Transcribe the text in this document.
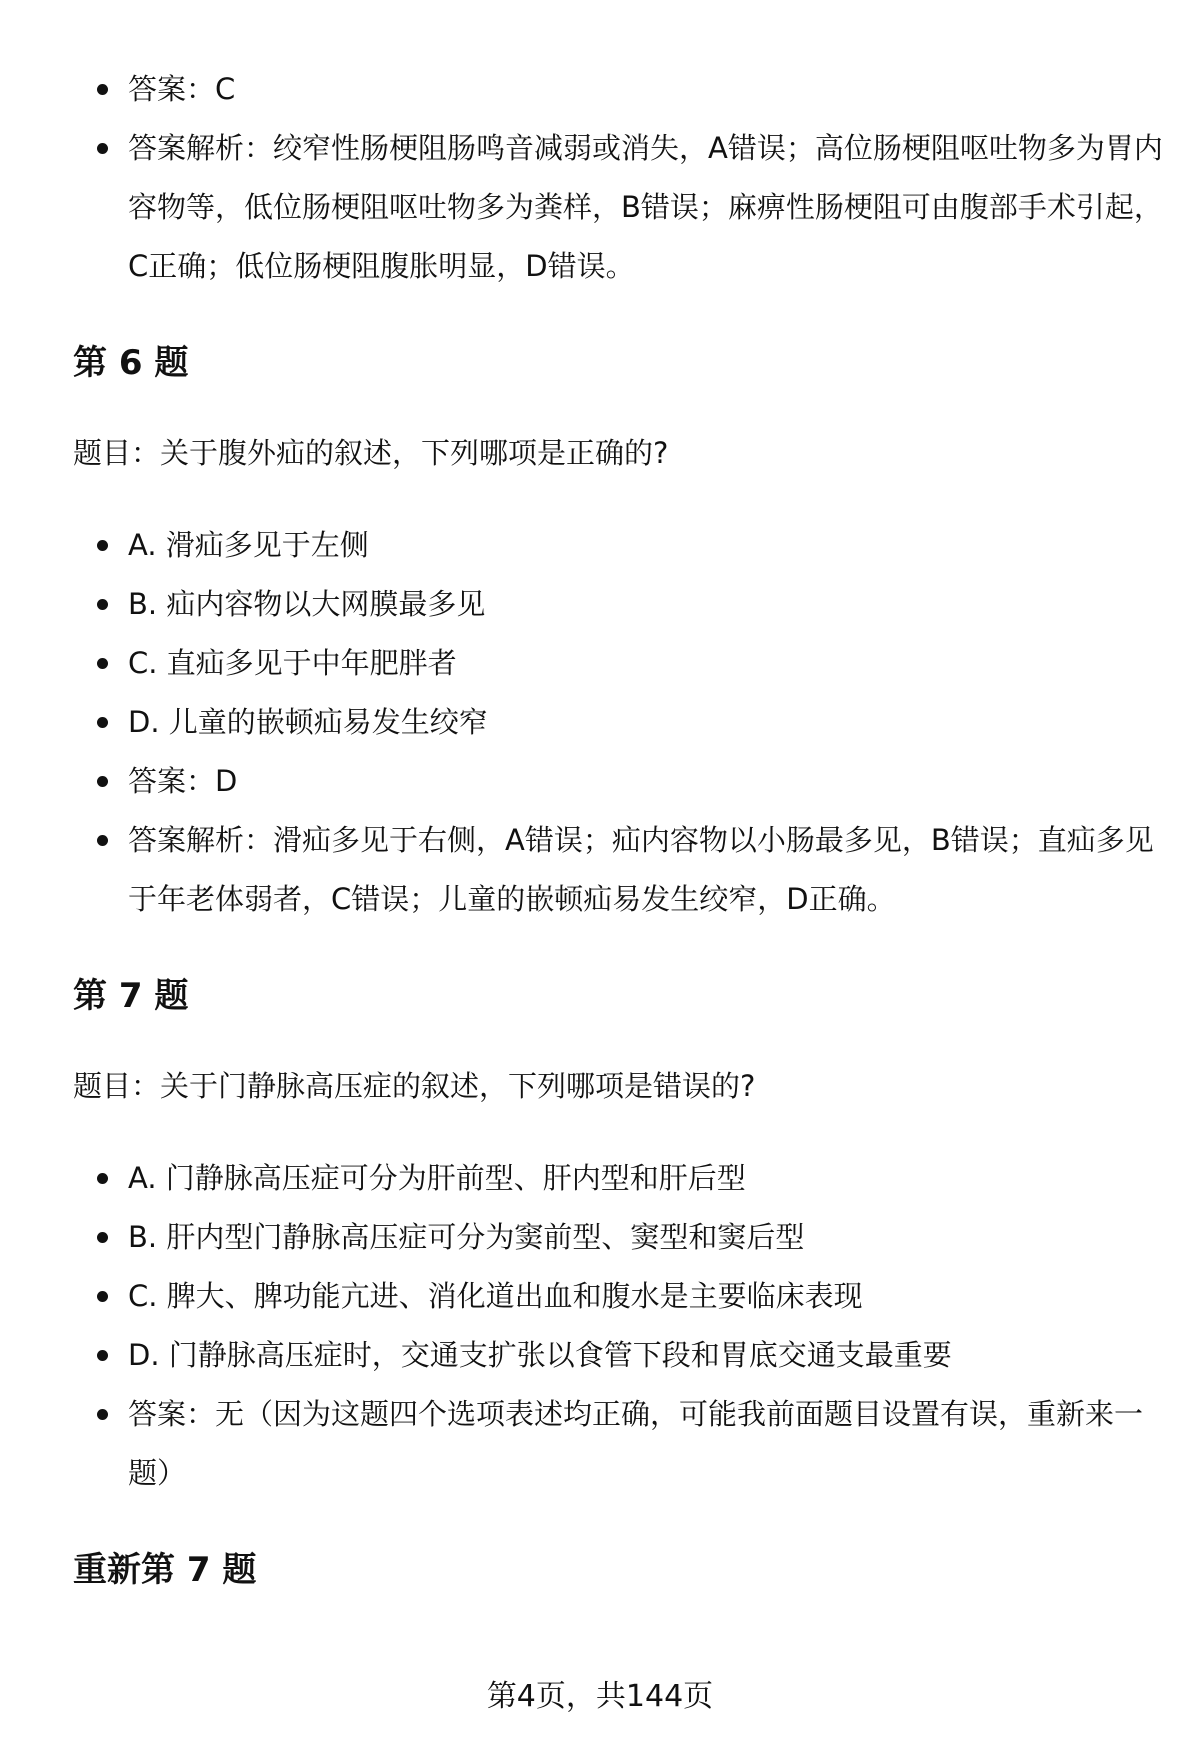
答案：C
答案解析：绞窄性肠梗阻肠鸣音减弱或消失，A错误；高位肠梗阻呕吐物多为胃内容物等，低位肠梗阻呕吐物多为粪样，B错误；麻痹性肠梗阻可由腹部手术引起，C正确；低位肠梗阻腹胀明显，D错误。
第 6 题

题目：关于腹外疝的叙述，下列哪项是正确的?

A. 滑疝多见于左侧
B. 疝内容物以大网膜最多见
C. 直疝多见于中年肥胖者
D. 儿童的嵌顿疝易发生绞窄
答案：D
答案解析：滑疝多见于右侧，A错误；疝内容物以小肠最多见，B错误；直疝多见于年老体弱者，C错误；儿童的嵌顿疝易发生绞窄，D正确。
第 7 题

题目：关于门静脉高压症的叙述，下列哪项是错误的?

A. 门静脉高压症可分为肝前型、肝内型和肝后型
B. 肝内型门静脉高压症可分为窦前型、窦型和窦后型
C. 脾大、脾功能亢进、消化道出血和腹水是主要临床表现
D. 门静脉高压症时，交通支扩张以食管下段和胃底交通支最重要
答案：无（因为这题四个选项表述均正确，可能我前面题目设置有误，重新来一题）
重新第 7 题
第4页，共144页
